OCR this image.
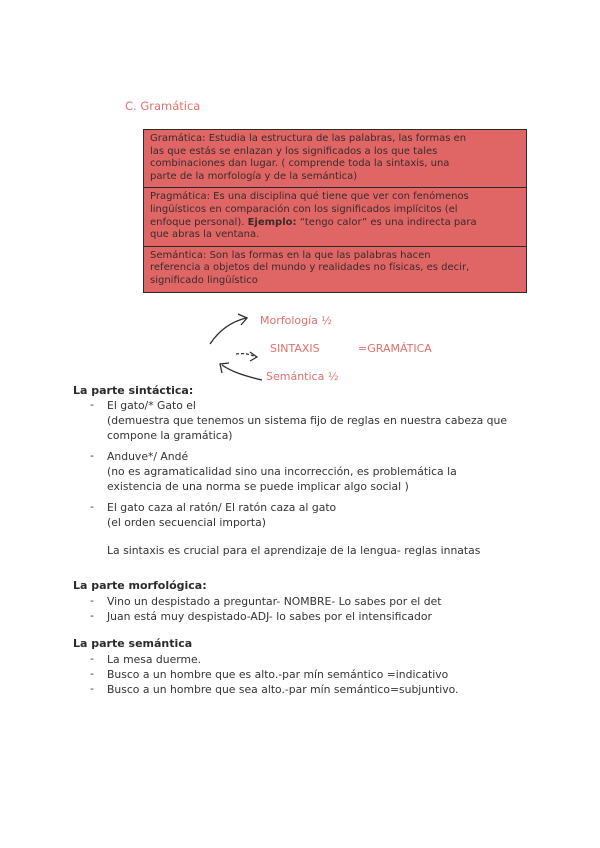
C. Gramática
Gramática: Estudia la estructura de las palabras, las formas en
las que estás se enlazan y los significados a los que tales
combinaciones dan lugar. ( comprende toda la sintaxis, una
parte de la morfología y de la semántica)
Pragmática: Es una disciplina qué tiene que ver con fenómenos
lingüísticos en comparación con los significados implícitos (el
enfoque personal). Ejemplo: “tengo calor” es una indirecta para
que abras la ventana.
Semántica: Son las formas en la que las palabras hacen
referencia a objetos del mundo y realidades no físicas, es decir,
significado lingüístico
Morfología ½
SINTAXIS	=GRAMÁTICA
Semántica ½
La parte sintáctica:
- El gato/* Gato el
(demuestra que tenemos un sistema fijo de reglas en nuestra cabeza que
compone la gramática)
- Anduve*/ Andé
(no es agramaticalidad sino una incorrección, es problemática la
existencia de una norma se puede implicar algo social )
- El gato caza al ratón/ El ratón caza al gato
(el orden secuencial importa)
La sintaxis es crucial para el aprendizaje de la lengua- reglas innatas
La parte morfológica:
- Vino un despistado a preguntar- NOMBRE- Lo sabes por el det
- Juan está muy despistado-ADJ- lo sabes por el intensificador
La parte semántica
- La mesa duerme.
- Busco a un hombre que es alto.-par mín semántico =indicativo
- Busco a un hombre que sea alto.-par mín semántico=subjuntivo.
